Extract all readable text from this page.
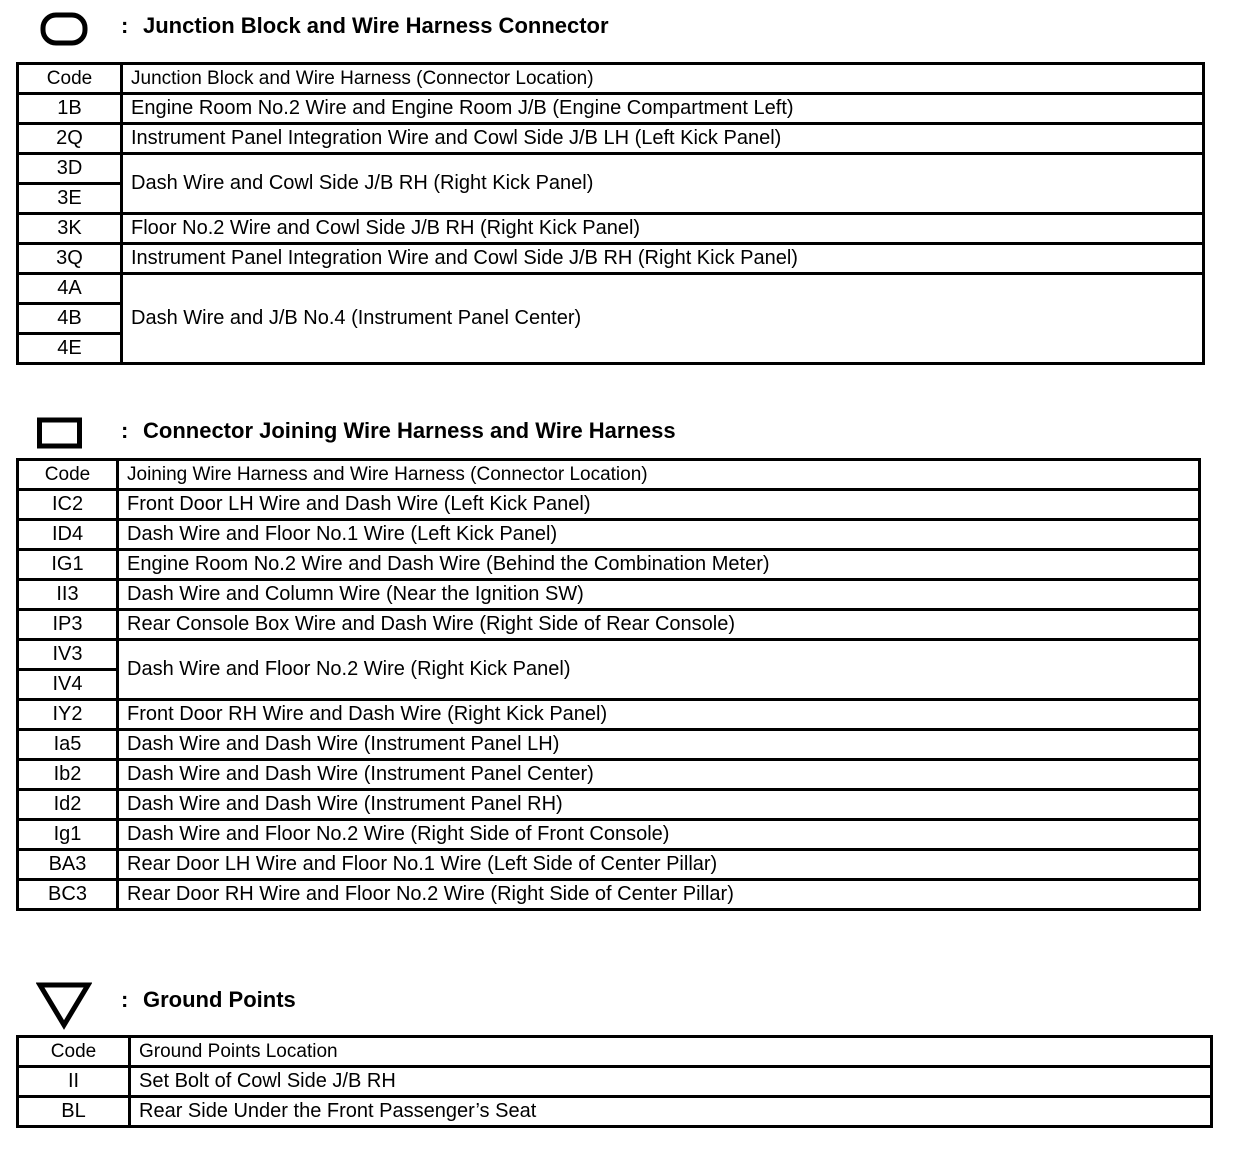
: Junction Block and Wire Harness Connector
Code	Junction Block and Wire Harness (Connector Location)
1B	Engine Room No.2 Wire and Engine Room J/B (Engine Compartment Left)
2Q	Instrument Panel Integration Wire and Cowl Side J/B LH (Left Kick Panel)
3D	Dash Wire and Cowl Side J/B RH (Right Kick Panel)
3E	
3K	Floor No.2 Wire and Cowl Side J/B RH (Right Kick Panel)
3Q	Instrument Panel Integration Wire and Cowl Side J/B RH (Right Kick Panel)
4A	Dash Wire and J/B No.4 (Instrument Panel Center)
4B	
4E	
: Connector Joining Wire Harness and Wire Harness
Code	Joining Wire Harness and Wire Harness (Connector Location)
IC2	Front Door LH Wire and Dash Wire (Left Kick Panel)
ID4	Dash Wire and Floor No.1 Wire (Left Kick Panel)
IG1	Engine Room No.2 Wire and Dash Wire (Behind the Combination Meter)
II3	Dash Wire and Column Wire (Near the Ignition SW)
IP3	Rear Console Box Wire and Dash Wire (Right Side of Rear Console)
IV3	Dash Wire and Floor No.2 Wire (Right Kick Panel)
IV4	
IY2	Front Door RH Wire and Dash Wire (Right Kick Panel)
Ia5	Dash Wire and Dash Wire (Instrument Panel LH)
Ib2	Dash Wire and Dash Wire (Instrument Panel Center)
Id2	Dash Wire and Dash Wire (Instrument Panel RH)
Ig1	Dash Wire and Floor No.2 Wire (Right Side of Front Console)
BA3	Rear Door LH Wire and Floor No.1 Wire (Left Side of Center Pillar)
BC3	Rear Door RH Wire and Floor No.2 Wire (Right Side of Center Pillar)
: Ground Points
Code	Ground Points Location
II	Set Bolt of Cowl Side J/B RH
BL	Rear Side Under the Front Passenger’s Seat
